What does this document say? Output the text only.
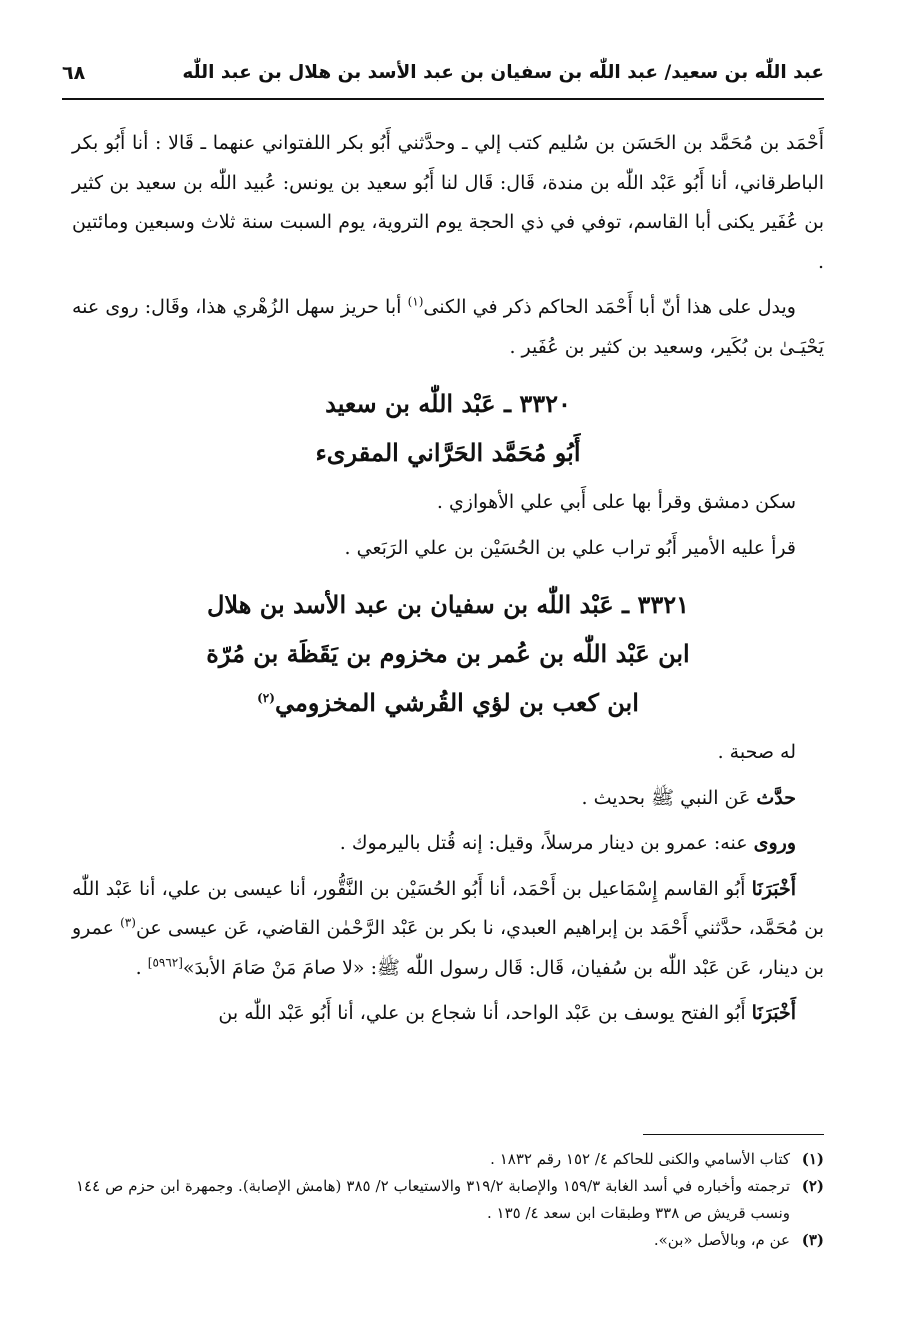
عبد اللّٰه بن سعيد/ عبد اللّٰه بن سفيان بن عبد الأسد بن هلال بن عبد اللّٰه
٦٨

أَحْمَد بن مُحَمَّد بن الحَسَن بن سُليم كتب إلي ـ وحدَّثني أَبُو بكر اللفتواني عنهما ـ قَالا : أنا أَبُو بكر الباطرقاني، أنا أَبُو عَبْد اللّٰه بن مندة، قَال: قَال لنا أَبُو سعيد بن يونس: عُبيد اللّٰه بن سعيد بن كثير بن عُفَير يكنى أبا القاسم، توفي في ذي الحجة يوم التروية، يوم السبت سنة ثلاث وسبعين ومائتين .

ويدل على هذا أنّ أبا أَحْمَد الحاكم ذكر في الكنى$^{(١)}$ أبا حريز سهل الزُهْري هذا، وقَال: روى عنه يَحْيَـىٰ بن بُكَير، وسعيد بن كثير بن عُفَير .

٣٣٢٠ ـ عَبْد اللّٰه بن سعيد
أَبُو مُحَمَّد الحَرَّاني المقرىء

سكن دمشق وقرأ بها على أَبي علي الأهوازي .

قرأ عليه الأمير أَبُو تراب علي بن الحُسَيْن بن علي الرَبَعي .

٣٣٢١ ـ عَبْد اللّٰه بن سفيان بن عبد الأسد بن هلال
ابن عَبْد اللّٰه بن عُمر بن مخزوم بن يَقَظَة بن مُرّة
ابن كعب بن لؤي القُرشي المخزومي$^{(٢)}$

له صحبة .

حدَّث عَن النبي ﷺ بحديث .

وروى عنه: عمرو بن دينار مرسلاً، وقيل: إنه قُتل باليرموك .

أَخْبَرَنَا أَبُو القاسم إِسْمَاعيل بن أَحْمَد، أنا أَبُو الحُسَيْن بن النَّقُّور، أنا عيسى بن علي، أنا عَبْد اللّٰه بن مُحَمَّد، حدَّثني أَحْمَد بن إبراهيم العبدي، نا بكر بن عَبْد الرَّحْمٰن القاضي، عَن عيسى عن$^{(٣)}$ عمرو بن دينار، عَن عَبْد اللّٰه بن سُفيان، قَال: قَال رسول اللّٰه ﷺ: «لا صامَ مَنْ صَامَ الأبدَ»[٥٩٦٢] .

أَخْبَرَنَا أَبُو الفتح يوسف بن عَبْد الواحد، أنا شجاع بن علي، أنا أَبُو عَبْد اللّٰه بن

(١)
كتاب الأسامي والكنى للحاكم ٤/ ١٥٢ رقم ١٨٣٢ .
(٢)
ترجمته وأخباره في أسد الغابة ١٥٩/٣ والإصابة ٣١٩/٢ والاستيعاب ٢/ ٣٨٥ (هامش الإصابة). وجمهرة ابن حزم ص ١٤٤ ونسب قريش ص ٣٣٨ وطبقات ابن سعد ٤/ ١٣٥ .
(٣)
عن م، وبالأصل «بن».
